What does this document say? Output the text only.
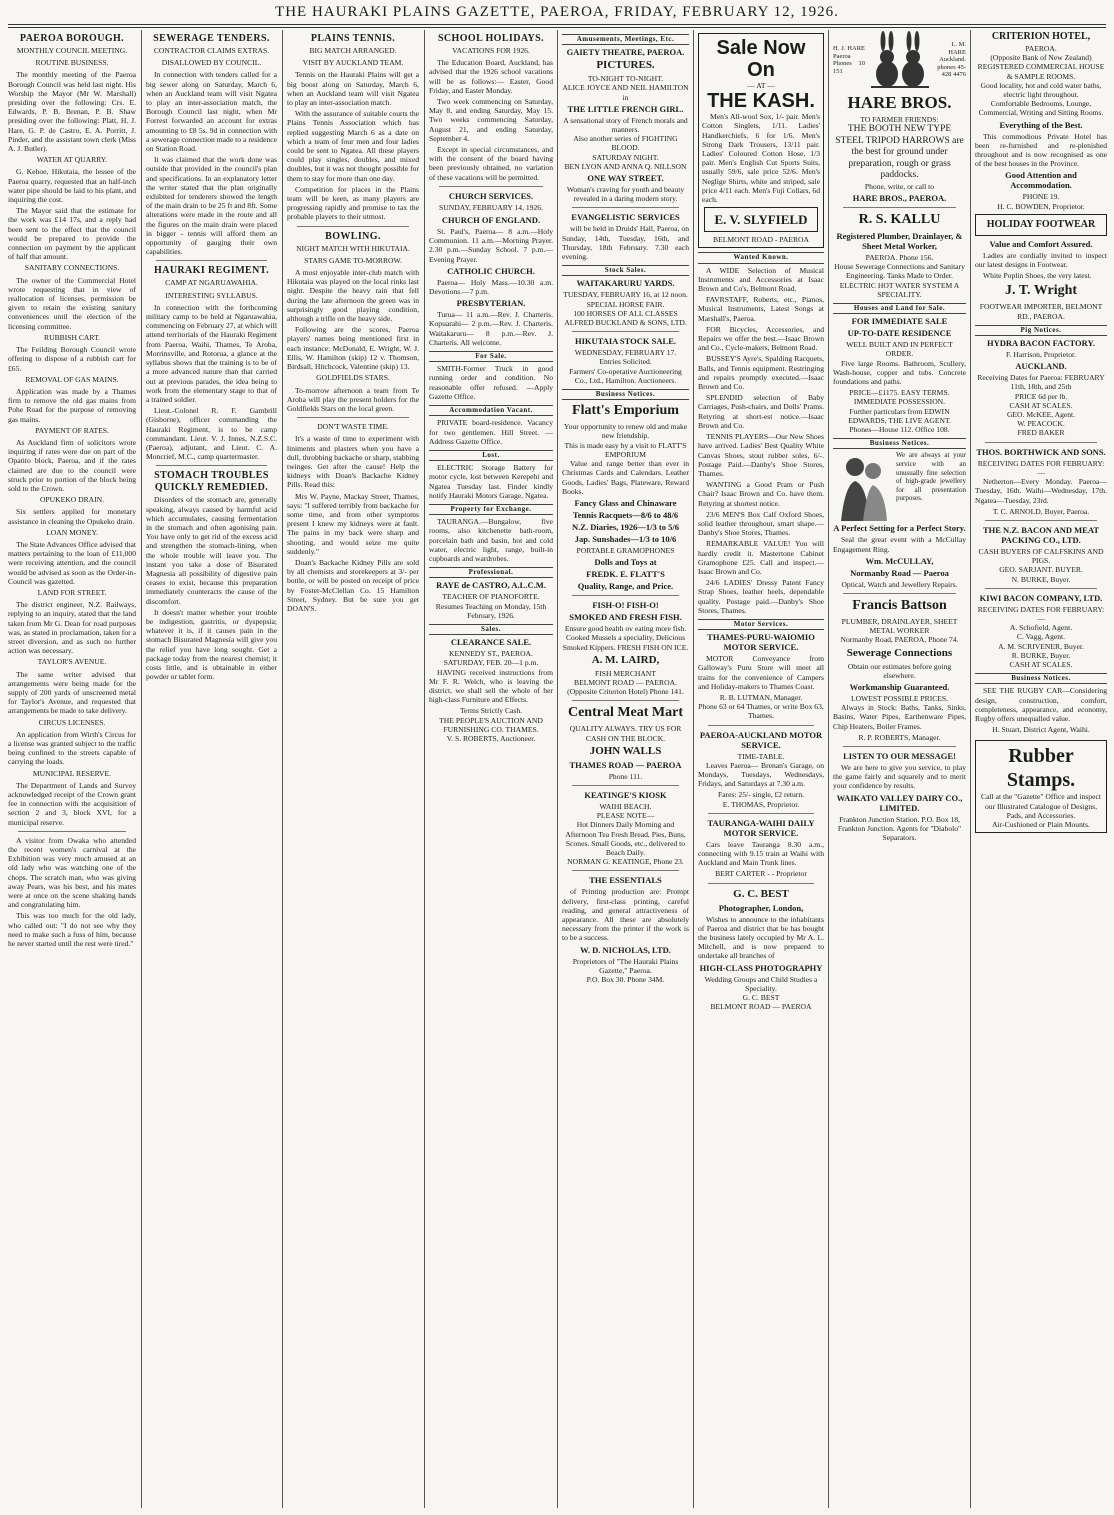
THE HAURAKI PLAINS GAZETTE, PAEROA, FRIDAY, FEBRUARY 12, 1926.
PAEROA BOROUGH.
MONTHLY COUNCIL MEETING.
ROUTINE BUSINESS.

The monthly meeting of the Paeroa Borough Council was held last night. His Worship the Mayor (Mr W. Marshall) presiding over the following: Crs. E. Edwards, P. B. Brenan, P. B. Shaw presiding over the following: Platt, H. J. Hare, G. P. de Castro, E. A. Porritt, J. Pinder, and the assistant town clerk (Miss A. J. Butler).

WATER AT QUARRY.

G. Kehoe, Hikutaia, the lessee of the Paeroa quarry, requested that an half-inch water pipe should be laid to his plant, and inquiring the cost.

The Mayor said that the estimate for the work was £14 17s, and a reply had been sent to the effect that the council would be prepared to provide the connection on payment by the applicant of half that amount.

SANITARY CONNECTIONS.

The owner of the Commercial Hotel wrote requesting that in view of reallocation of licenses, permission be given to retain the existing sanitary conveniences until the election of the licensing committee.

RUBBISH CART.

The Feilding Borough Council wrote offering to dispose of a rubbish cart for £65.

REMOVAL OF GAS MAINS.

Application was made by a Thames firm to remove the old gas mains from Pohe Road for the purpose of removing gas mains.

PAYMENT OF RATES.

As Auckland firm of solicitors wrote inquiring if rates were due on part of the Opatito block, Paeroa, and if the rates claimed are due to the council were struck prior to portion of the block being sold to the Crown.

OPUKEKO DRAIN.

Six settlers applied for monetary assistance in cleaning the Opukeko drain.

LOAN MONEY.

The State Advances Office advised that matters pertaining to the loan of £11,000 were receiving attention, and the council would be advised as soon as the Order-in-Council was gazetted.

LAND FOR STREET.

The district engineer, N.Z. Railways, replying to an inquiry, stated that the land taken from Mr G. Dean for road purposes was, as stated in proclamation, taken for a street diversion, and as such no further action was necessary.

TAYLOR'S AVENUE.

The same writer advised that arrangements were being made for the supply of 200 yards of unscreened metal for Taylor's Avenue, and requested that arrangements be made to take delivery.

CIRCUS LICENSES.

An application from Wirth's Circus for a license was granted subject to the traffic being confined to the streets capable of carrying the loads.

MUNICIPAL RESERVE.

The Department of Lands and Survey acknowledged receipt of the Crown grant fee in connection with the acquisition of section 2 and 3, block XVI, for a municipal reserve.

A visitor from Owaka who attended the recent women's carnival at the Exhibition was very much amused at an old lady who was watching one of the chops. The scratch man, who was giving away Pears, was his best, and his mates were at once on the scene shaking hands and congratulating him.

This was too much for the old lady, who called out: "I do not see why they need to make such a fuss of him, because he never started until the rest were tired."

SEWERAGE TENDERS.
CONTRACTOR CLAIMS EXTRAS.
DISALLOWED BY COUNCIL.

In connection with tenders called for a big sewer along on Saturday, March 6, when an Auckland team will visit Ngatea to play an inter-association match, the Borough Council last night, when Mr Forrest forwarded an account for extras amounting to £8 5s. 9d in connection with a sewerage connection made to a residence on Station Road.

It was claimed that the work done was outside that provided in the council's plan and specifications. In an explanatory letter the writer stated that the plan originally exhibited for tenderers showed the length of the main drain to be 25 ft and 8ft. Some alterations were made in the route and all the figures on the main drain were placed in bigger - tennis will afford them an opportunity of gauging their own capabilities.

HAURAKI REGIMENT.
CAMP AT NGARUAWAHIA.
INTERESTING SYLLABUS.

In connection with the forthcoming military camp to be held at Ngaruawahia, commencing on February 27, at which will attend territorials of the Hauraki Regiment from Paeroa, Waihi, Thames, Te Aroha, Morrinsville, and Rotorua, a glance at the syllabus shows that the training is to be of a more advanced nature than that carried out at previous parades, the idea being to work from the elementary stage to that of a trained soldier.

Lieut.-Colonel R. F. Gambrill (Gisborne), officer commanding the Hauraki Regiment, is to be camp commandant. Lieut. V. J. Innes, N.Z.S.C. (Paeroa), adjutant, and Lieut. C. A. Moncrief, M.C., camp quartermaster.

STOMACH TROUBLES QUICKLY REMEDIED.

Disorders of the stomach are, generally speaking, always caused by harmful acid which accumulates, causing fermentation in the stomach and often agonising pain. You have only to get rid of the excess acid and strengthen the stomach-lining, when the whole trouble will leave you. The instant you take a dose of Bisurated Magnesia all possibility of digestive pain ceases to exist, because this preparation immediately counteracts the cause of the discomfort.

It doesn't matter whether your trouble be indigestion, gastritis, or dyspepsia; whatever it is, if it causes pain in the stomach Bisurated Magnesia will give you the relief you have long sought. Get a package today from the nearest chemist; it costs little, and is obtainable in either powder or tablet form.

PLAINS TENNIS.
BIG MATCH ARRANGED.
VISIT BY AUCKLAND TEAM.

Tennis on the Hauraki Plains will get a big boost along on Saturday, March 6, when an Auckland team will visit Ngatea to play an inter-association match.

With the assurance of suitable courts the Plains Tennis Association which has replied suggesting March 6 as a date on which a team of four men and four ladies could be sent to Ngatea. All these players could play singles, doubles, and mixed doubles, but it was not thought possible for them to stay for more than one day.

Competition for places in the Plains team will be keen, as many players are progressing rapidly and promise to tax the probable players to their utmost.

BOWLING.
NIGHT MATCH WITH HIKUTAIA.
STARS GAME TO-MORROW.

A most enjoyable inter-club match with Hikutaia was played on the local rinks last night. Despite the heavy rain that fell during the late afternoon the green was in surprisingly good playing condition, although a trifle on the heavy side.

Following are the scores, Paeroa players' names being mentioned first in each instance: McDonald, E. Wright, W. J. Ellis, W. Hamilton (skip) 12 v. Thomson, Birdsall, Hitchcock, Valentine (skip) 13.

GOLDFIELDS STARS.

To-morrow afternoon a team from Te Aroha will play the present holders for the Goldfields Stars on the local green.

DON'T WASTE TIME.

It's a waste of time to experiment with liniments and plasters when you have a dull, throbbing backache or sharp, stabbing twinges. Get after the cause! Help the kidneys with Doan's Backache Kidney Pills. Read this:

Mrs W. Payne, Mackay Street, Thames, says: "I suffered terribly from backache for some time, and from other symptoms present I knew my kidneys were at fault. The pains in my back were sharp and shooting, and would seize me quite suddenly."

Doan's Backache Kidney Pills are sold by all chemists and storekeepers at 3/- per bottle, or will be posted on receipt of price by Foster-McClellan Co. 15 Hamilton Street, Sydney. But be sure you get DOAN'S.

SCHOOL HOLIDAYS.
VACATIONS FOR 1926.

The Education Board, Auckland, has advised that the 1926 school vacations will be as follows:— Easter, Good Friday, and Easter Monday.

Two week commencing on Saturday, May 8, and ending Saturday, May 15. Two weeks commencing Saturday, August 21, and ending Saturday, September 4.

Except in special circumstances, and with the consent of the board having been previously obtained, no variation of these vacations will be permitted.

CHURCH SERVICES.
SUNDAY, FEBRUARY 14, 1926.
CHURCH OF ENGLAND.

St. Paul's, Paeroa— 8 a.m.—Holy Communion. 11 a.m.—Morning Prayer. 2.30 p.m.—Sunday School. 7 p.m.—Evening Prayer.

CATHOLIC CHURCH.

Paeroa— Holy Mass.—10.30 a.m. Devotions.—7 p.m.

PRESBYTERIAN.

Turua— 11 a.m.—Rev. J. Charteris. Kopuarahi— 2 p.m.—Rev. J. Charteris. Waitakaruru— 8 p.m.—Rev. J. Charteris. All welcome.

For Sale.

SMITH-Former Truck in good running order and condition. No reasonable offer refused. —Apply Gazette Office.

Accommodation Vacant.

PRIVATE board-residence. Vacancy for two gentlemen. Hill Street. — Address Gazette Office.

Lost.

ELECTRIC Storage Battery for motor cycle, lost between Kerepehi and Ngatea Tuesday last. Finder kindly notify Hauraki Motors Garage, Ngatea.

Property for Exchange.

TAURANGA.—Bungalow, five rooms, also kitchenette bath-room, porcelain bath and basin, hot and cold water, electric light, range, built-in cupboards and wardrobes.

Professional.
RAYE de CASTRO, A.L.C.M.
TEACHER OF PIANOFORTE.
Resumes Teaching on Monday, 15th February, 1926.
Sales.
CLEARANCE SALE.
KENNEDY ST., PAEROA.
SATURDAY, FEB. 20—1 p.m.

HAVING received instructions from Mr F. R. Welch, who is leaving the district, we shall sell the whole of her high-class Furniture and Effects.

Terms Strictly Cash.
THE PEOPLE'S AUCTION AND FURNISHING CO. THAMES.
V. S. ROBERTS, Auctioneer.
Amusements, Meetings, Etc.
GAIETY THEATRE, PAEROA.
PICTURES.
TO-NIGHT TO-NIGHT.
ALICE JOYCE AND NEIL HAMILTON
in
THE LITTLE FRENCH GIRL.
A sensational story of French morals and manners.
Also another series of FIGHTING BLOOD.
SATURDAY NIGHT.
BEN LYON AND ANNA Q. NILLSON
ONE WAY STREET.
Woman's craving for youth and beauty revealed in a daring modern story.
EVANGELISTIC SERVICES

will be held in Druids' Hall, Paeroa, on Sunday, 14th, Tuesday, 16th, and Thursday, 18th February. 7.30 each evening.

Stock Sales.
WAITAKARURU YARDS.
TUESDAY, FEBRUARY 16, at 12 noon.
SPECIAL HORSE FAIR.
100 HORSES OF ALL CLASSES
ALFRED BUCKLAND & SONS, LTD.
HIKUTAIA STOCK SALE.
WEDNESDAY, FEBRUARY 17.
Entries Solicited.
Farmers' Co-operative Auctioneering Co., Ltd., Hamilton. Auctioneers.
Business Notices.
Flatt's Emporium
Your opportunity to renew old and make new friendship.
This is made easy by a visit to FLATT'S EMPORIUM

Value and range better than ever in Christmas Cards and Calendars. Leather Goods, Ladies' Bags, Plateware, Reward Books.

Fancy Glass and Chinaware
Tennis Racquets—8/6 to 48/6
N.Z. Diaries, 1926—1/3 to 5/6
Jap. Sunshades—1/3 to 10/6
PORTABLE GRAMOPHONES
Dolls and Toys at
FREDK. E. FLATT'S
Quality, Range, and Price.
FISH-O! FISH-O!
SMOKED AND FRESH FISH.
Ensure good health ov eating more fish.
Cooked Mussels a speciality, Delicious Smoked Kippers. FRESH FISH ON ICE.
A. M. LAIRD,
FISH MERCHANT
BELMONT ROAD — PAEROA. (Opposite Criterion Hotel) Phone 141.
Central Meat Mart
QUALITY ALWAYS. TRY US FOR CASH ON THE BLOCK.
JOHN WALLS
THAMES ROAD — PAEROA
Phone 111.
KEATINGE'S KIOSK
WAIHI BEACH.
PLEASE NOTE—
Hot Dinners Daily Morning and Afternoon Tea Fresh Bread, Pies, Buns, Scones. Small Goods, etc., delivered to Beach Daily.
NORMAN G. KEATINGE, Phone 23.
THE ESSENTIALS

of Printing production are: Prompt delivery, first-class printing, careful reading, and general attractiveness of appearance. All these are absolutely necessary from the printer if the work is to be a success.

W. D. NICHOLAS, LTD.
Proprietors of "The Hauraki Plains Gazette," Paeroa.
P.O. Box 30. Phone 34M.
Sale Now On
— AT —
THE KASH.

Men's All-wool Sox, 1/- pair. Men's Cotton Singlets, 1/11. Ladies' Handkerchiefs, 6 for 1/6. Men's Strong Dark Trousers, 13/11 pair. Ladies' Coloured Cotton Hose, 1/3 pair. Men's English Cut Sports Suits, usually 59/6, sale price 52/6. Men's Neglige Shirts, white and striped, sale price 4/11 each. Men's Fuji Collars, 6d each.

E. V. SLYFIELD
BELMONT ROAD - PAEROA
Wanted Known.

A WIDE Selection of Musical Instruments and Accessories at Isaac Brown and Co's, Belmont Road.

FAVRSTAFF, Roberts, etc., Pianos, Musical Instruments, Latest Songs at Marshall's, Paeroa.

FOR Bicycles, Accessories, and Repairs we offer the best.—Isaac Brown and Co., Cycle-makers, Belmont Road.

BUSSEY'S Ayre's, Spalding Racquets, Balls, and Tennis equipment. Restringing and repairs promptly executed.—Isaac Brown and Co.

SPLENDID selection of Baby Carriages, Push-chairs, and Dolls' Prams. Retyring at short-est notice.—Isaac Brown and Co.

TENNIS PLAYERS—Our New Shoes have arrived. Ladies' Best Quality White Canvas Shoes, stout rubber soles, 6/-. Postage Paid.—Danby's Shoe Stores, Thames.

WANTING a Good Pram or Push Chair? Isaac Brown and Co. have them. Retyring at shortest notice.

23/6 MEN'S Box Calf Oxford Shoes, solid leather throughout, smart shape.—Danby's Shoe Stores, Thames.

REMARKABLE VALUE! You will hardly credit it. Mastertone Cabinet Gramophone £25. Call and inspect.—Isaac Brown and Co.

24/6 LADIES' Dressy Patent Fancy Strap Shoes, leather heels, dependable quality. Postage paid.—Danby's Shoe Stores, Thames.

Motor Services.
THAMES-PURU-WAIOMIO MOTOR SERVICE.

MOTOR Conveyance from Galloway's Puru Store will meet all trains for the convenience of Campers and Holiday-makers to Thames Coast.

R. B. LUTMAN, Manager.
Phone 63 or 64 Thames, or write Box 63, Thames.
PAEROA-AUCKLAND MOTOR SERVICE.
TIME-TABLE.

Leaves Paeroa— Brenan's Garage, on Mondays, Tuesdays, Wednesdays, Fridays, and Saturdays at 7.30 a.m.

Fares: 25/- single, £2 return.
E. THOMAS, Proprietor.
TAURANGA-WAIHI DAILY MOTOR SERVICE.

Cars leave Tauranga 8.30 a.m., connecting with 9.15 train at Waihi with Auckland and Main Trunk lines.

BERT CARTER - - Proprietor
G. C. BEST
Photographer, London,

Wishes to announce to the inhabitants of Paeroa and district that he has bought the business lately occupied by Mr A. L. Mitchell, and is now prepared to undertake all branches of

HIGH-CLASS PHOTOGRAPHY
Wedding Groups and Child Studies a Speciality.
G. C. BEST
BELMONT ROAD — PAEROA
H. J. HARE Paeroa Phones 10 151
L. M. HARE Auckland. phones 45-428 4476
HARE BROS.
TO FARMER FRIENDS:
THE BOOTH NEW TYPE STEEL TRIPOD HARROWS are the best for ground under preparation, rough or grass paddocks.
Phone, write, or call to
HARE BROS., PAEROA.
R. S. KALLU
Registered Plumber, Drainlayer, & Sheet Metal Worker,
PAEROA. Phone 156.
House Sewerage Connections and Sanitary Engineering. Tanks Made to Order.
ELECTRIC HOT WATER SYSTEM A SPECIALITY.
Houses and Land for Sale.
FOR IMMEDIATE SALE
UP-TO-DATE RESIDENCE
WELL BUILT AND IN PERFECT ORDER.

Five large Rooms. Bathroom, Scullery, Wash-house, copper and tubs. Concrete foundations and paths.

PRICE—£1175. EASY TERMS.
IMMEDIATE POSSESSION.
Further particulars from EDWIN EDWARDS, THE LIVE AGENT.
Phones—House 112. Office 108.
Business Notices.
We are always at your service with an unusually fine selection of high-grade jewellery for all presentation purposes.
A Perfect Setting for a Perfect Story.

Seal the great event with a McCullay Engagement Ring.

Wm. McCULLAY,
Normanby Road — Paeroa
Optical, Watch and Jewellery Repairs.
Francis Battson
PLUMBER, DRAINLAYER, SHEET METAL WORKER
Normanby Road, PAEROA, Phone 74.
Sewerage Connections
Obtain our estimates before going elsewhere.
Workmanship Guaranteed.
LOWEST POSSIBLE PRICES.

Always in Stock: Baths, Tanks, Sinks, Basins, Water Pipes, Earthenware Pipes, Chip Heaters, Boiler Frames.

R. P. ROBERTS, Manager.
LISTEN TO OUR MESSAGE!

We are here to give you service, to play the game fairly and squarely and to merit your confidence by results.

WAIKATO VALLEY DAIRY CO., LIMITED.
Frankton Junction Station. P.O. Box 18, Frankton Junction. Agents for "Diabolo" Separators.
CRITERION HOTEL,
PAEROA.
(Opposite Bank of New Zealand)
REGISTERED COMMERCIAL HOUSE & SAMPLE ROOMS.
Good locality, hot and cold water baths, electric light throughout.
Comfortable Bedrooms, Lounge, Commercial, Writing and Sitting Rooms.
Everything of the Best.

This commodious Private Hotel has been re-furnished and re-plenished throughout and is now recognised as one of the best houses in the Province.

Good Attention and Accommodation.
PHONE 19.
H. C. BOWDEN, Proprietor.
HOLIDAY FOOTWEAR
Value and Comfort Assured.

Ladies are cordially invited to inspect our latest designs in Footwear.

White Poplin Shoes, the very latest.

J. T. Wright
FOOTWEAR IMPORTER, BELMONT RD., PAEROA.
Pig Notices.
HYDRA BACON FACTORY.
F. Harrison, Proprietor.
AUCKLAND.
Receiving Dates for Paeroa: FEBRUARY 11th, 18th, and 25th
PRICE 6d per lb.
CASH AT SCALES.
GEO. McKEE, Agent.
W. PEACOCK.
FRED BAKER
THOS. BORTHWICK AND SONS.
RECEIVING DATES FOR FEBRUARY:—

Netherton—Every Monday. Paeroa—Tuesday, 16th. Waihi—Wednesday, 17th. Ngatea—Tuesday, 23rd.

T. C. ARNOLD, Buyer, Paeroa.
THE N.Z. BACON AND MEAT PACKING CO., LTD.
CASH BUYERS OF CALFSKINS AND PIGS.
GEO. SARJANT. BUYER.
N. BURKE, Buyer.
KIWI BACON COMPANY, LTD.
RECEIVING DATES FOR FEBRUARY:—
A. Schofield, Agent.
C. Vagg, Agent.
A. M. SCRIVENER, Buyer.
R. BURKE, Buyer.
CASH AT SCALES.
Business Notices.

SEE THE RUGBY CAR—Considering design, construction, comfort, completeness, appearance, and economy, Rugby offers unequalled value.

H. Stuart, District Agent, Waihi.
Rubber Stamps.
Call at the "Gazette" Office and inspect our Illustrated Catalogue of Designs, Pads, and Accessories.
Air-Cushioned or Plain Mounts.
